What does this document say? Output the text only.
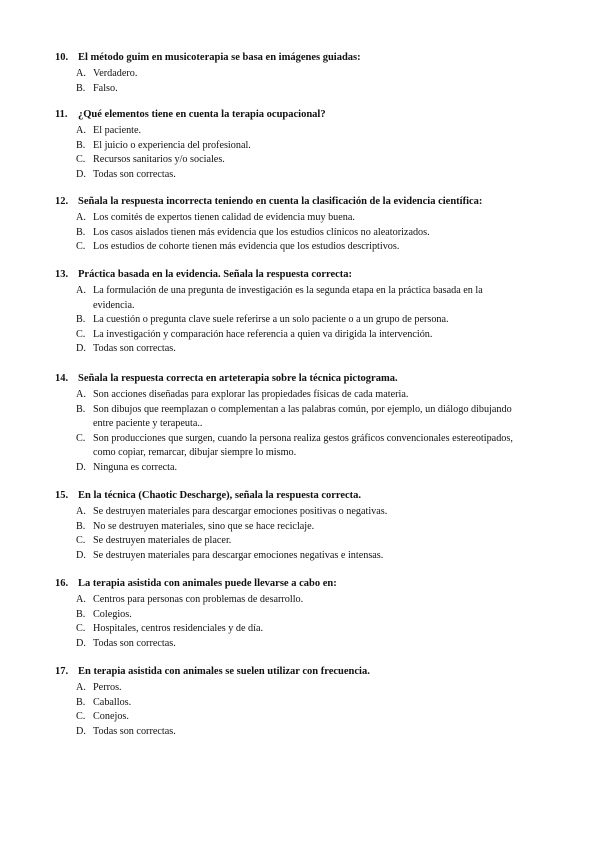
10. El método guim en musicoterapia se basa en imágenes guiadas:
A. Verdadero.
B. Falso.
11. ¿Qué elementos tiene en cuenta la terapia ocupacional?
A. El paciente.
B. El juicio o experiencia del profesional.
C. Recursos sanitarios y/o sociales.
D. Todas son correctas.
12. Señala la respuesta incorrecta teniendo en cuenta la clasificación de la evidencia científica:
A. Los comités de expertos tienen calidad de evidencia muy buena.
B. Los casos aislados tienen más evidencia que los estudios clínicos no aleatorizados.
C. Los estudios de cohorte tienen más evidencia que los estudios descriptivos.
13. Práctica basada en la evidencia. Señala la respuesta correcta:
A. La formulación de una pregunta de investigación es la segunda etapa en la práctica basada en la evidencia.
B. La cuestión o pregunta clave suele referirse a un solo paciente o a un grupo de persona.
C. La investigación y comparación hace referencia a quien va dirigida la intervención.
D. Todas son correctas.
14. Señala la respuesta correcta en arteterapia sobre la técnica pictograma.
A. Son acciones diseñadas para explorar las propiedades físicas de cada materia.
B. Son dibujos que reemplazan o complementan a las palabras común, por ejemplo, un diálogo dibujando entre paciente y terapeuta..
C. Son producciones que surgen, cuando la persona realiza gestos gráficos convencionales estereotipados, como copiar, remarcar, dibujar siempre lo mismo.
D. Ninguna es correcta.
15. En la técnica (Chaotic Descharge), señala la respuesta correcta.
A. Se destruyen materiales para descargar emociones positivas o negativas.
B. No se destruyen materiales, sino que se hace reciclaje.
C. Se destruyen materiales de placer.
D. Se destruyen materiales para descargar emociones negativas e intensas.
16. La terapia asistida con animales puede llevarse a cabo en:
A. Centros para personas con problemas de desarrollo.
B. Colegios.
C. Hospitales, centros residenciales y de día.
D. Todas son correctas.
17. En terapia asistida con animales se suelen utilizar con frecuencia.
A. Perros.
B. Caballos.
C. Conejos.
D. Todas son correctas.
